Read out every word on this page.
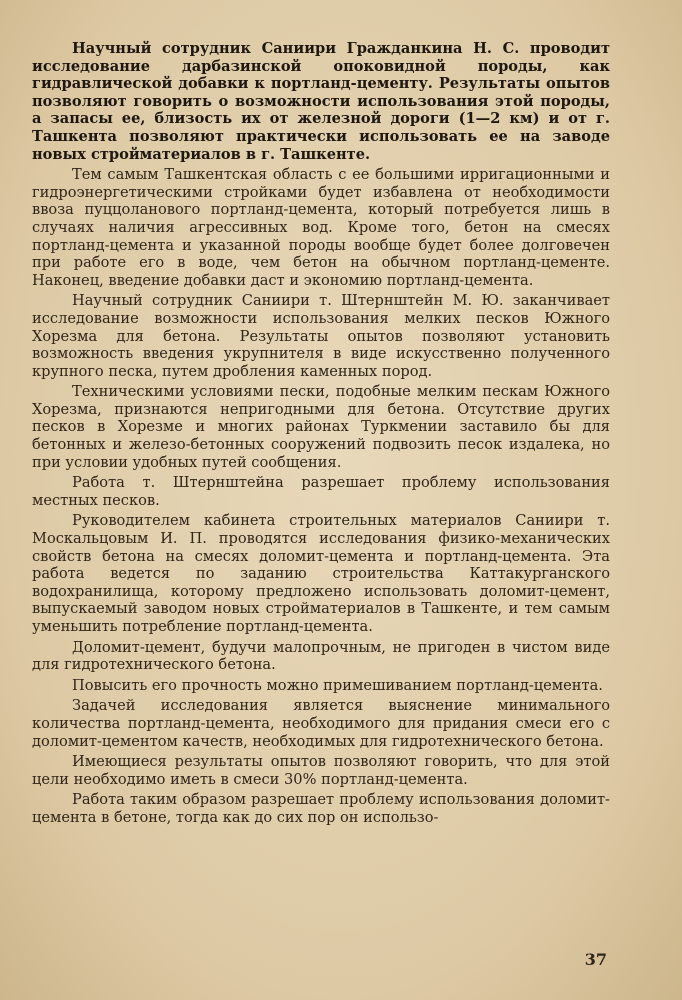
Научный сотрудник Саниири Гражданкина Н. С. проводит исследование дарбазинской опоковидной породы, как гидравлической добавки к портланд-цементу. Результаты опытов позволяют говорить о возможности использования этой породы, а запасы ее, близость их от железной дороги (1—2 км) и от г. Ташкента позволяют практически использовать ее на заводе новых стройматериалов в г. Ташкенте.

Тем самым Ташкентская область с ее большими ирригационными и гидроэнергетическими стройками будет избавлена от необходимости ввоза пуццоланового портланд-цемента, который потребуется лишь в случаях наличия агрессивных вод. Кроме того, бетон на смесях портланд-цемента и указанной породы вообще будет более долговечен при работе его в воде, чем бетон на обычном портланд-цементе. Наконец, введение добавки даст и экономию портланд-цемента.

Научный сотрудник Саниири т. Штернштейн М. Ю. заканчивает исследование возможности использования мелких песков Южного Хорезма для бетона. Результаты опытов позволяют установить возможность введения укрупнителя в виде искусственно полученного крупного песка, путем дробления каменных пород.

Техническими условиями пески, подобные мелким пескам Южного Хорезма, признаются непригодными для бетона. Отсутствие других песков в Хорезме и многих районах Туркмении заставило бы для бетонных и железо-бетонных сооружений подвозить песок издалека, но при условии удобных путей сообщения.

Работа т. Штернштейна разрешает проблему использования местных песков.

Руководителем кабинета строительных материалов Саниири т. Москальцовым И. П. проводятся исследования физико-механических свойств бетона на смесях доломит-цемента и портланд-цемента. Эта работа ведется по заданию строительства Каттакурганского водохранилища, которому предложено использовать доломит-цемент, выпускаемый заводом новых стройматериалов в Ташкенте, и тем самым уменьшить потребление портланд-цемента.

Доломит-цемент, будучи малопрочным, не пригоден в чистом виде для гидротехнического бетона.

Повысить его прочность можно примешиванием портланд-цемента.

Задачей исследования является выяснение минимального количества портланд-цемента, необходимого для придания смеси его с доломит-цементом качеств, необходимых для гидротехнического бетона.

Имеющиеся результаты опытов позволяют говорить, что для этой цели необходимо иметь в смеси 30% портланд-цемента.

Работа таким образом разрешает проблему использования доломит-цемента в бетоне, тогда как до сих пор он использо-

37
